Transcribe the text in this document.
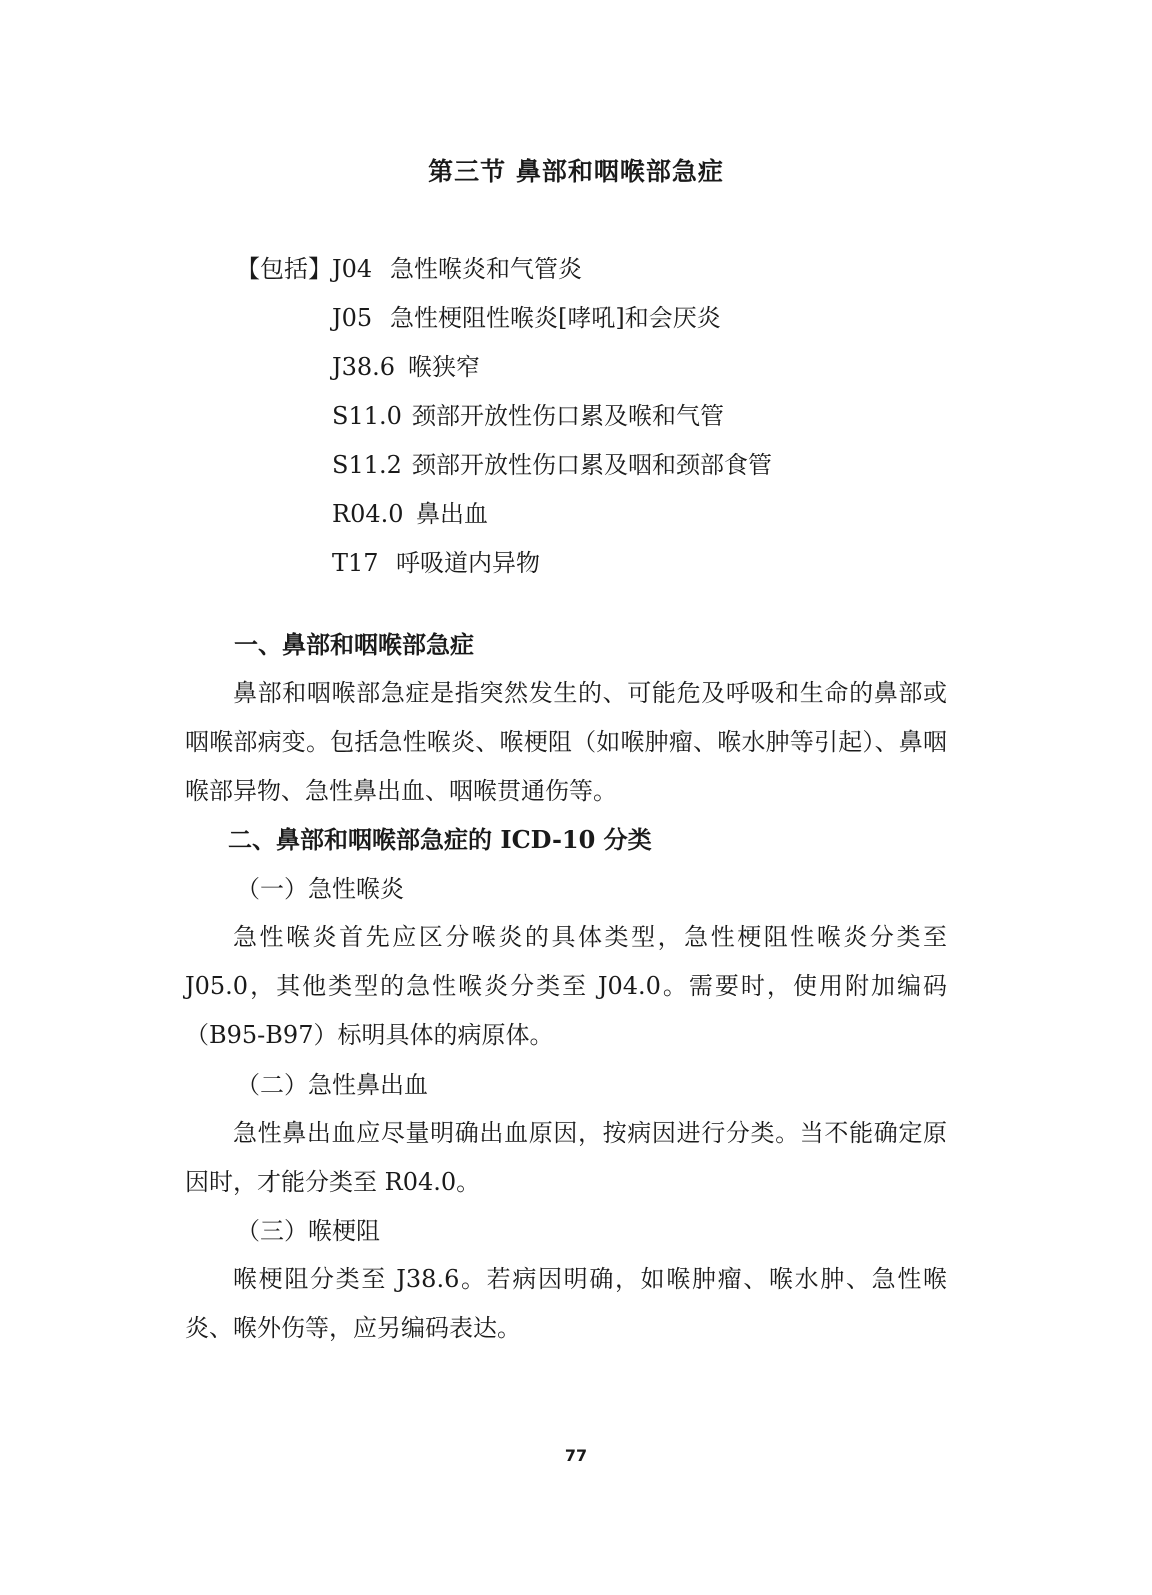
第三节 鼻部和咽喉部急症
【包括】 J04 急性喉炎和气管炎
J05 急性梗阻性喉炎[哮吼]和会厌炎
J38.6 喉狭窄
S11.0 颈部开放性伤口累及喉和气管
S11.2 颈部开放性伤口累及咽和颈部食管
R04.0 鼻出血
T17 呼吸道内异物
一、鼻部和咽喉部急症
鼻部和咽喉部急症是指突然发生的、可能危及呼吸和生命的鼻部或咽喉部病变。包括急性喉炎、喉梗阻（如喉肿瘤、喉水肿等引起）、鼻咽喉部异物、急性鼻出血、咽喉贯通伤等。
二、鼻部和咽喉部急症的 ICD-10 分类
（一）急性喉炎
急性喉炎首先应区分喉炎的具体类型，急性梗阻性喉炎分类至 J05.0，其他类型的急性喉炎分类至 J04.0。需要时，使用附加编码（B95-B97）标明具体的病原体。
（二）急性鼻出血
急性鼻出血应尽量明确出血原因，按病因进行分类。当不能确定原因时，才能分类至 R04.0。
（三）喉梗阻
喉梗阻分类至 J38.6。若病因明确，如喉肿瘤、喉水肿、急性喉炎、喉外伤等，应另编码表达。
77
